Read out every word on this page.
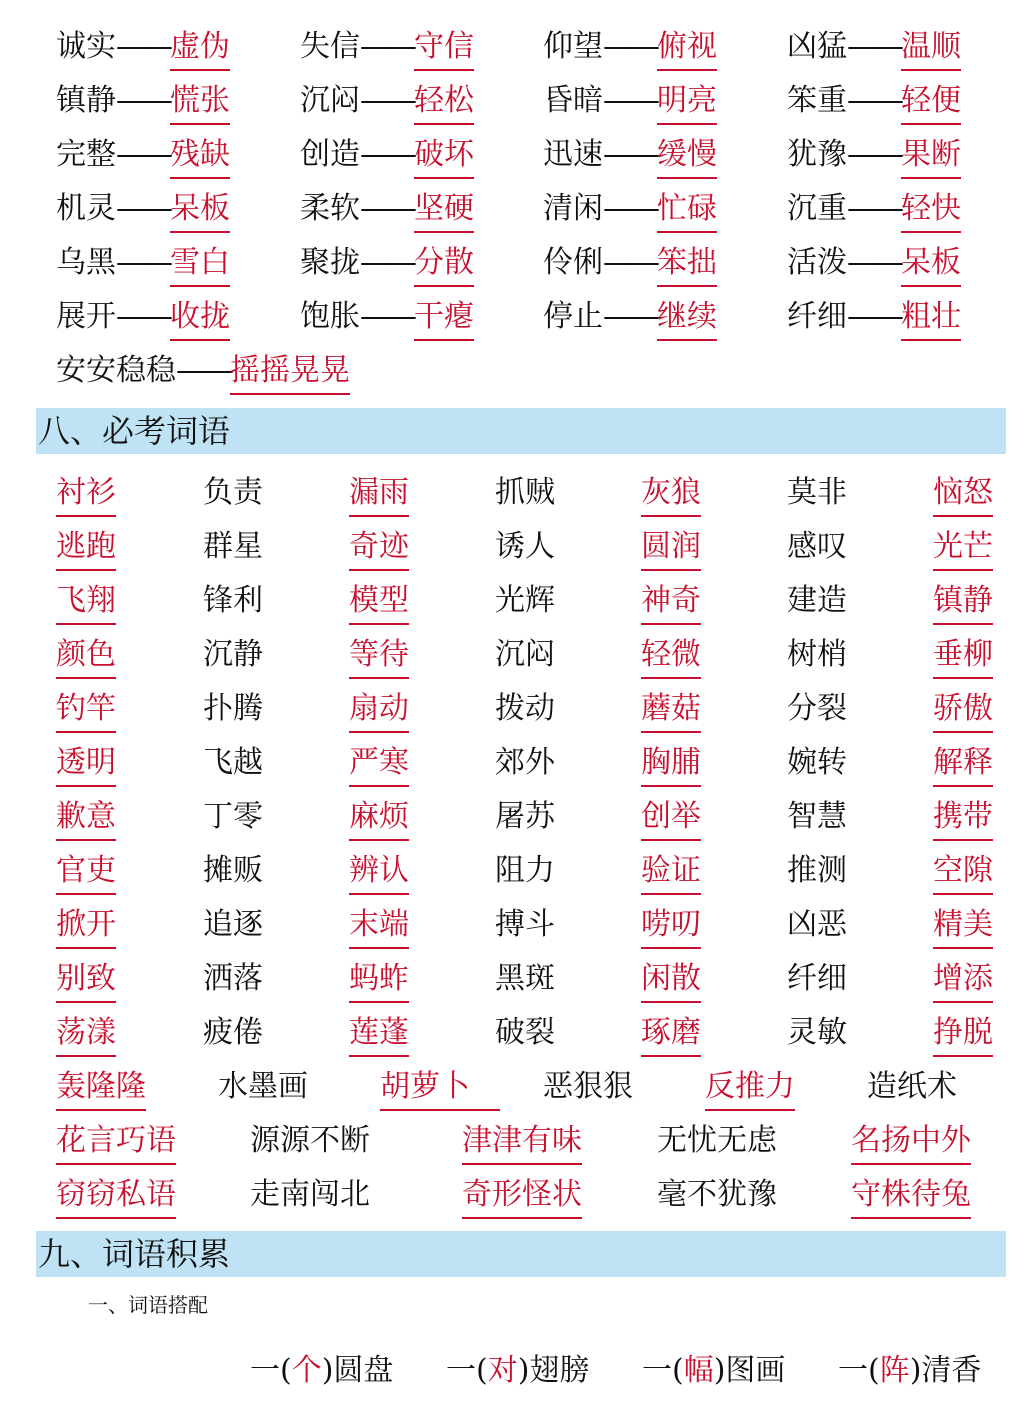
诚实——虚伪 失信——守信 仰望——俯视 凶猛——温顺
镇静——慌张 沉闷——轻松 昏暗——明亮 笨重——轻便
完整——残缺 创造——破坏 迅速——缓慢 犹豫——果断
机灵——呆板 柔软——坚硬 清闲——忙碌 沉重——轻快
乌黑——雪白 聚拢——分散 伶俐——笨拙 活泼——呆板
展开——收拢 饱胀——干瘪 停止——继续 纤细——粗壮
安安稳稳——摇摇晃晃
八、必考词语
衬衫	负责	漏雨	抓贼	灰狼	莫非	恼怒
逃跑	群星	奇迹	诱人	圆润	感叹	光芒
飞翔	锋利	模型	光辉	神奇	建造	镇静
颜色	沉静	等待	沉闷	轻微	树梢	垂柳
钓竿	扑腾	扇动	拨动	蘑菇	分裂	骄傲
透明	飞越	严寒	郊外	胸脯	婉转	解释
歉意	丁零	麻烦	屠苏	创举	智慧	携带
官吏	摊贩	辨认	阻力	验证	推测	空隙
掀开	追逐	末端	搏斗	唠叨	凶恶	精美
别致	洒落	蚂蚱	黑斑	闲散	纤细	增添
荡漾	疲倦	莲蓬	破裂	琢磨	灵敏	挣脱
轰隆隆 水墨画 胡萝卜	恶狠狠 反推力 造纸术
花言巧语 源源不断	津津有味	无忧无虑 名扬中外
窃窃私语 走南闯北	奇形怪状	毫不犹豫 守株待兔
九、词语积累
一、词语搭配
一(个)圆盘 一(对)翅膀 一(幅)图画 一(阵)清香
